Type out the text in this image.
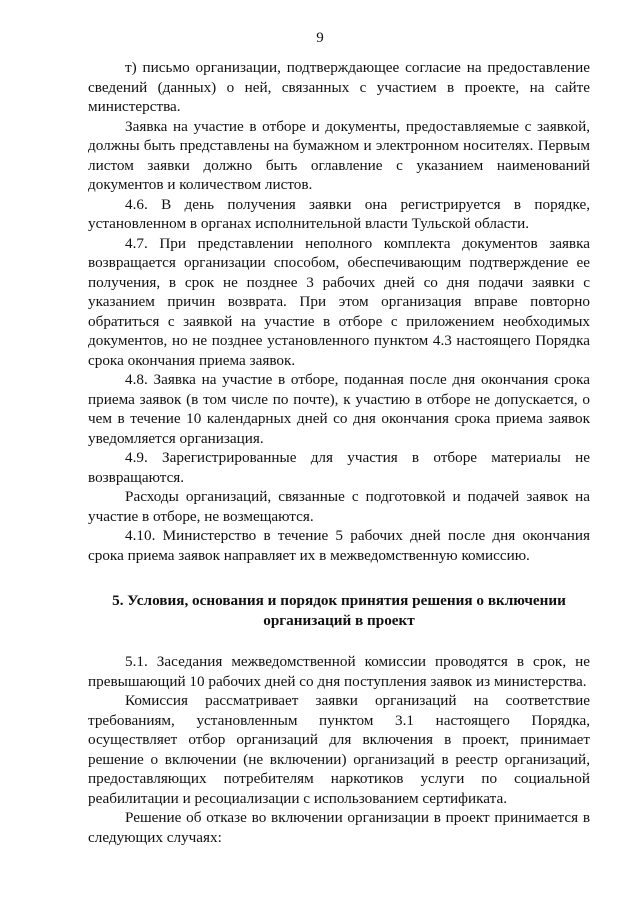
9

т) письмо организации, подтверждающее согласие на предоставление сведений (данных) о ней, связанных с участием в проекте, на сайте министерства.

Заявка на участие в отборе и документы, предоставляемые с заявкой, должны быть представлены на бумажном и электронном носителях. Первым листом заявки должно быть оглавление с указанием наименований документов и количеством листов.

4.6. В день получения заявки она регистрируется в порядке, установленном в органах исполнительной власти Тульской области.

4.7. При представлении неполного комплекта документов заявка возвращается организации способом, обеспечивающим подтверждение ее получения, в срок не позднее 3 рабочих дней со дня подачи заявки с указанием причин возврата. При этом организация вправе повторно обратиться с заявкой на участие в отборе с приложением необходимых документов, но не позднее установленного пунктом 4.3 настоящего Порядка срока окончания приема заявок.

4.8. Заявка на участие в отборе, поданная после дня окончания срока приема заявок (в том числе по почте), к участию в отборе не допускается, о чем в течение 10 календарных дней со дня окончания срока приема заявок уведомляется организация.

4.9. Зарегистрированные для участия в отборе материалы не возвращаются.

Расходы организаций, связанные с подготовкой и подачей заявок на участие в отборе, не возмещаются.

4.10. Министерство в течение 5 рабочих дней после дня окончания срока приема заявок направляет их в межведомственную комиссию.

5. Условия, основания и порядок принятия решения о включении
организаций в проект

5.1. Заседания межведомственной комиссии проводятся в срок, не превышающий 10 рабочих дней со дня поступления заявок из министерства.

Комиссия рассматривает заявки организаций на соответствие требованиям, установленным пунктом 3.1 настоящего Порядка, осуществляет отбор организаций для включения в проект, принимает решение о включении (не включении) организаций в реестр организаций, предоставляющих потребителям наркотиков услуги по социальной реабилитации и ресоциализации с использованием сертификата.

Решение об отказе во включении организации в проект принимается в следующих случаях:
